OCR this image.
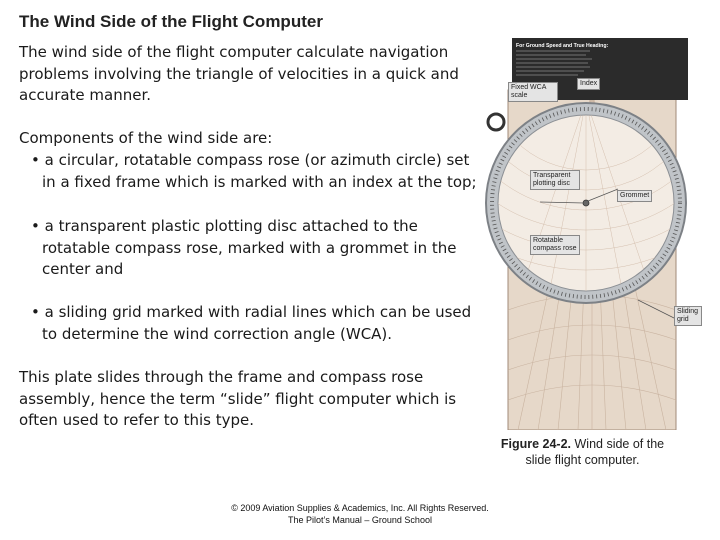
The Wind Side of the Flight Computer
The wind side of the flight computer calculate navigation problems involving the triangle of velocities in a quick and accurate manner.
Components of the wind side are:
• a circular, rotatable compass rose (or azimuth circle) set in a fixed frame which is marked with an index at the top;
• a transparent plastic plotting disc attached to the rotatable compass rose, marked with a grommet in the center and
• a sliding grid marked with radial lines which can be used to determine the wind correction angle (WCA).
This plate slides through the frame and compass rose assembly, hence the term “slide” flight computer which is often used to refer to this type.
For Ground Speed and True Heading:
Index
Fixed WCA scale
Transparent plotting disc
Grommet
Rotatable compass rose
Sliding grid
Figure 24-2. Wind side of the slide flight computer.
© 2009 Aviation Supplies & Academics, Inc. All Rights Reserved.
The Pilot’s Manual – Ground School
